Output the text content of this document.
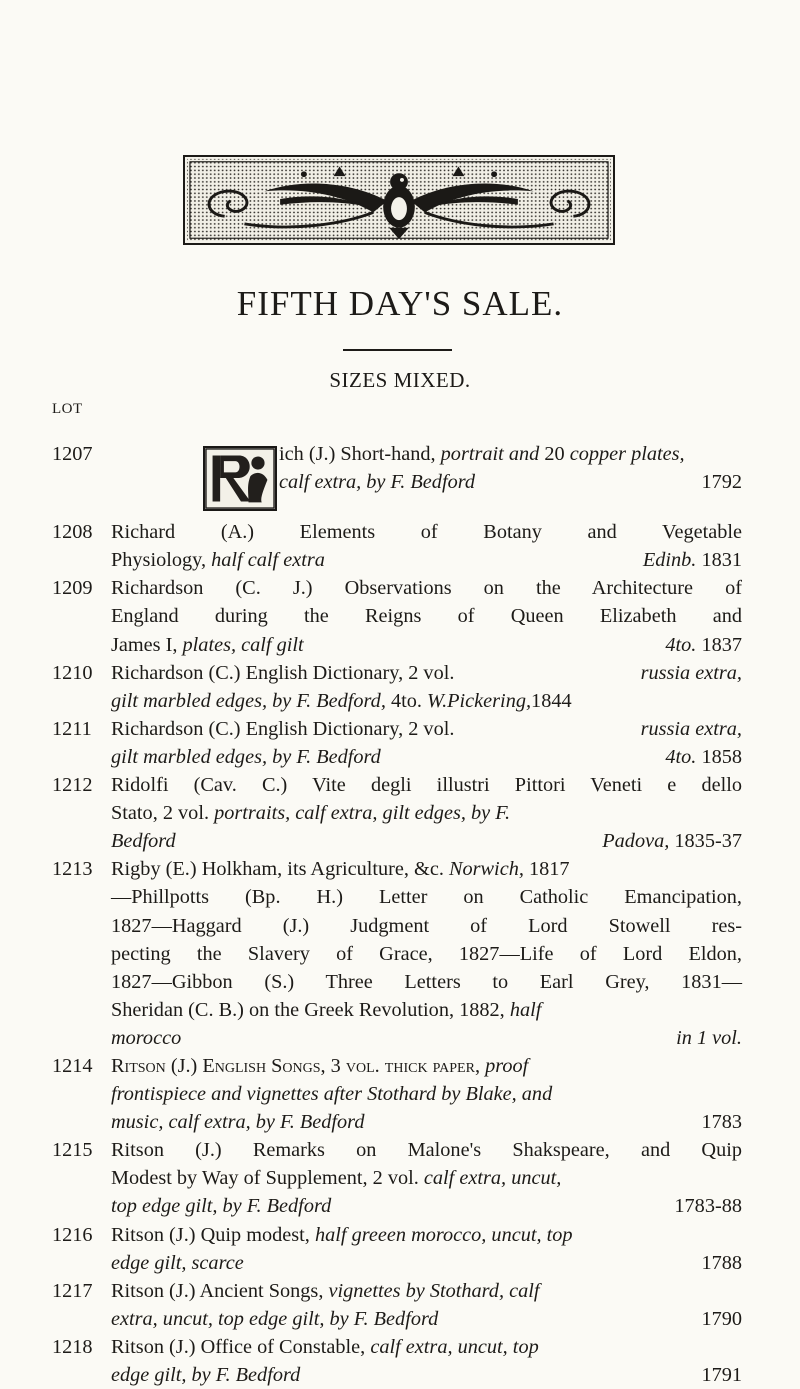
FIFTH DAY'S SALE.
SIZES MIXED.
LOT
1207	ich (J.) Short-hand, portrait and 20 copper plates,
calf extra, by F. Bedford	1792
1208 Richard (A.) Elements of Botany and Vegetable
Physiology, half calf extra	Edinb. 1831
1209 Richardson (C. J.) Observations on the Architecture of
England during the Reigns of Queen Elizabeth and
James I, plates, calf gilt	4to. 1837
1210 Richardson (C.) English Dictionary, 2 vol.	russia extra,
gilt marbled edges, by F. Bedford, 4to. W.Pickering,1844
1211 Richardson (C.) English Dictionary, 2 vol.	russia extra,
gilt marbled edges, by F. Bedford	4to. 1858
1212 Ridolfi (Cav. C.) Vite degli illustri Pittori Veneti e dello
Stato, 2 vol. portraits, calf extra, gilt edges, by F.
Bedford	Padova, 1835-37
1213 Rigby (E.) Holkham, its Agriculture, &c. Norwich, 1817
—Phillpotts (Bp. H.) Letter on Catholic Emancipation,
1827—Haggard (J.) Judgment of Lord Stowell res-
pecting the Slavery of Grace, 1827—Life of Lord Eldon,
1827—Gibbon (S.) Three Letters to Earl Grey, 1831—
Sheridan (C. B.) on the Greek Revolution, 1882, half
morocco	in 1 vol.
1214 Ritson (J.) English Songs, 3 vol. thick paper, proof
frontispiece and vignettes after Stothard by Blake, and
music, calf extra, by F. Bedford	1783
1215 Ritson (J.) Remarks on Malone's Shakspeare, and Quip
Modest by Way of Supplement, 2 vol. calf extra, uncut,
top edge gilt, by F. Bedford	1783-88
1216 Ritson (J.) Quip modest, half greeen morocco, uncut, top
edge gilt, scarce	1788
1217 Ritson (J.) Ancient Songs, vignettes by Stothard, calf
extra, uncut, top edge gilt, by F. Bedford	1790
1218 Ritson (J.) Office of Constable, calf extra, uncut, top
edge gilt, by F. Bedford	1791
